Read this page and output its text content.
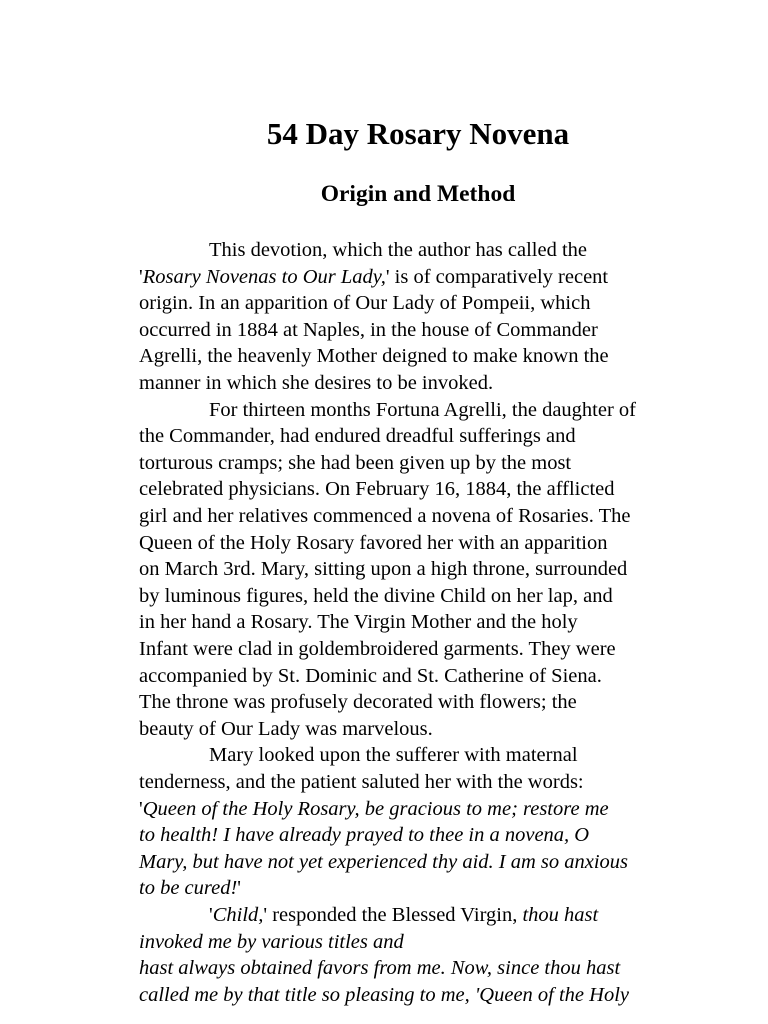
54 Day Rosary Novena
Origin and Method

This devotion, which the author has called the

'Rosary Novenas to Our Lady,' is of comparatively recent

origin. In an apparition of Our Lady of Pompeii, which

occurred in 1884 at Naples, in the house of Commander

Agrelli, the heavenly Mother deigned to make known the

manner in which she desires to be invoked.

For thirteen months Fortuna Agrelli, the daughter of

the Commander, had endured dreadful sufferings and

torturous cramps; she had been given up by the most

celebrated physicians. On February 16, 1884, the afflicted

girl and her relatives commenced a novena of Rosaries. The

Queen of the Holy Rosary favored her with an apparition

on March 3rd. Mary, sitting upon a high throne, surrounded

by luminous figures, held the divine Child on her lap, and

in her hand a Rosary. The Virgin Mother and the holy

Infant were clad in goldembroidered garments. They were

accompanied by St. Dominic and St. Catherine of Siena.

The throne was profusely decorated with flowers; the

beauty of Our Lady was marvelous.

Mary looked upon the sufferer with maternal

tenderness, and the patient saluted her with the words:

'Queen of the Holy Rosary, be gracious to me; restore me

to health! I have already prayed to thee in a novena, O

Mary, but have not yet experienced thy aid. I am so anxious

to be cured!'

'Child,' responded the Blessed Virgin, thou hast

invoked me by various titles and

hast always obtained favors from me. Now, since thou hast

called me by that title so pleasing to me, 'Queen of the Holy
